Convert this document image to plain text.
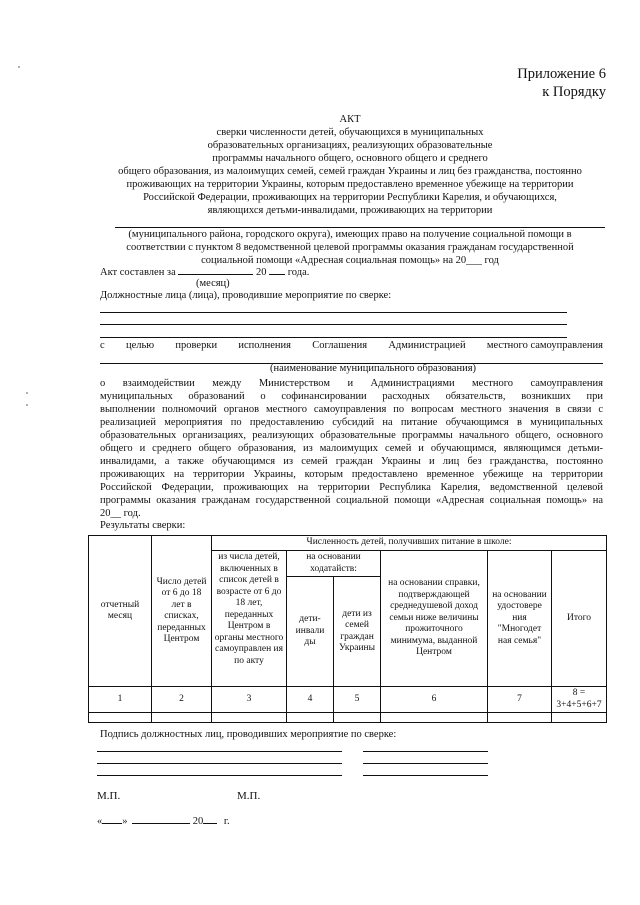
Приложение 6
к Порядку
АКТ
сверки численности детей, обучающихся в муниципальных
образовательных организациях, реализующих образовательные
программы начального общего, основного общего и среднего
общего образования, из малоимущих семей, семей граждан Украины и лиц без гражданства, постоянно
проживающих на территории Украины, которым предоставлено временное убежище на территории
Российской Федерации, проживающих на территории Республики Карелия, и обучающихся,
являющихся детьми-инвалидами, проживающих на территории
(муниципального района, городского округа), имеющих право на получение социальной помощи в
соответствии с пунктом 8 ведомственной целевой программы оказания гражданам государственной
социальной помощи «Адресная социальная помощь» на 20___ год
Акт составлен за	20 года.
(месяц)
Должностные лица (лица), проводившие мероприятие по сверке:
с целью проверки исполнения Соглашения Администрацией местного самоуправления
(наименование муниципального образования)
о взаимодействии между Министерством и Администрациями местного самоуправления
муниципальных образований о софинансировании расходных обязательств, возникших при
выполнении полномочий органов местного самоуправления по вопросам местного значения в связи с
реализацией мероприятия по предоставлению субсидий на питание обучающимся в муниципальных
образовательных организациях, реализующих образовательные программы начального общего, основного
общего и среднего общего образования, из малоимущих семей и обучающимся, являющимся детьми-
инвалидами, а также обучающимся из семей граждан Украины и лиц без гражданства, постоянно
проживающих на территории Украины, которым предоставлено временное убежище на территории
Российской Федерации, проживающих на территории Республика Карелия, ведомственной целевой
программы оказания гражданам государственной социальной помощи «Адресная социальная помощь» на
20__ год.
Результаты сверки:
отчетный месяц	Число детей от 6 до 18 лет в списках, переданных Центром	Численность детей, получивших питание в школе:					
		из числа детей, включенных в список детей в возрасте от 6 до 18 лет, переданных Центром в органы местного самоуправлен ия по акту	на основании ходатайств:		на основании справки, подтверждающей среднедушевой доход семьи ниже величины прожиточного минимума, выданной Центром	на основании удостовере ния "Многодет ная семья"	Итого
			дети-инвали ды	дети из семей граждан Украины			
1	2	3	4	5	6	7	8 = 3+4+5+6+7

Подпись должностных лиц, проводивших мероприятие по сверке:
М.П.	М.П.
« »	20 г.
